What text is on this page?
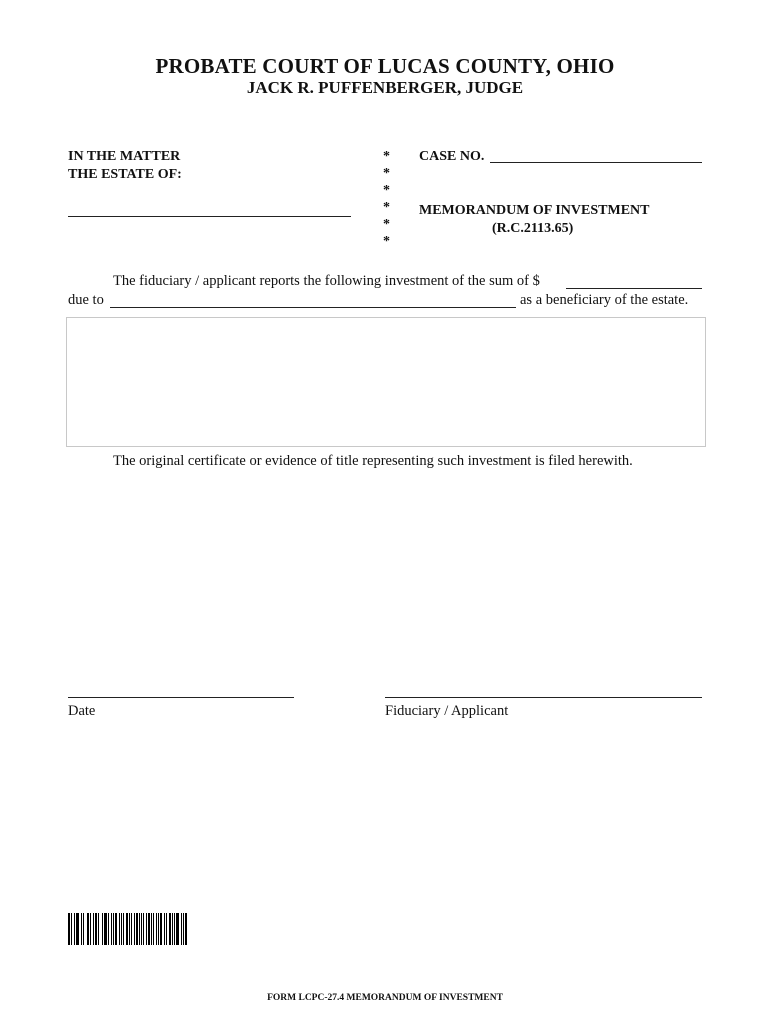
PROBATE COURT OF LUCAS COUNTY, OHIO
JACK R. PUFFENBERGER, JUDGE
IN THE MATTER
THE ESTATE OF:
*
*
*
*
*
*
CASE NO.
MEMORANDUM OF INVESTMENT
(R.C.2113.65)
The fiduciary / applicant reports the following investment of the sum of $
due to	as a beneficiary of the estate.
The original certificate or evidence of title representing such investment is filed herewith.
Date	Fiduciary / Applicant
FORM LCPC-27.4 MEMORANDUM OF INVESTMENT
